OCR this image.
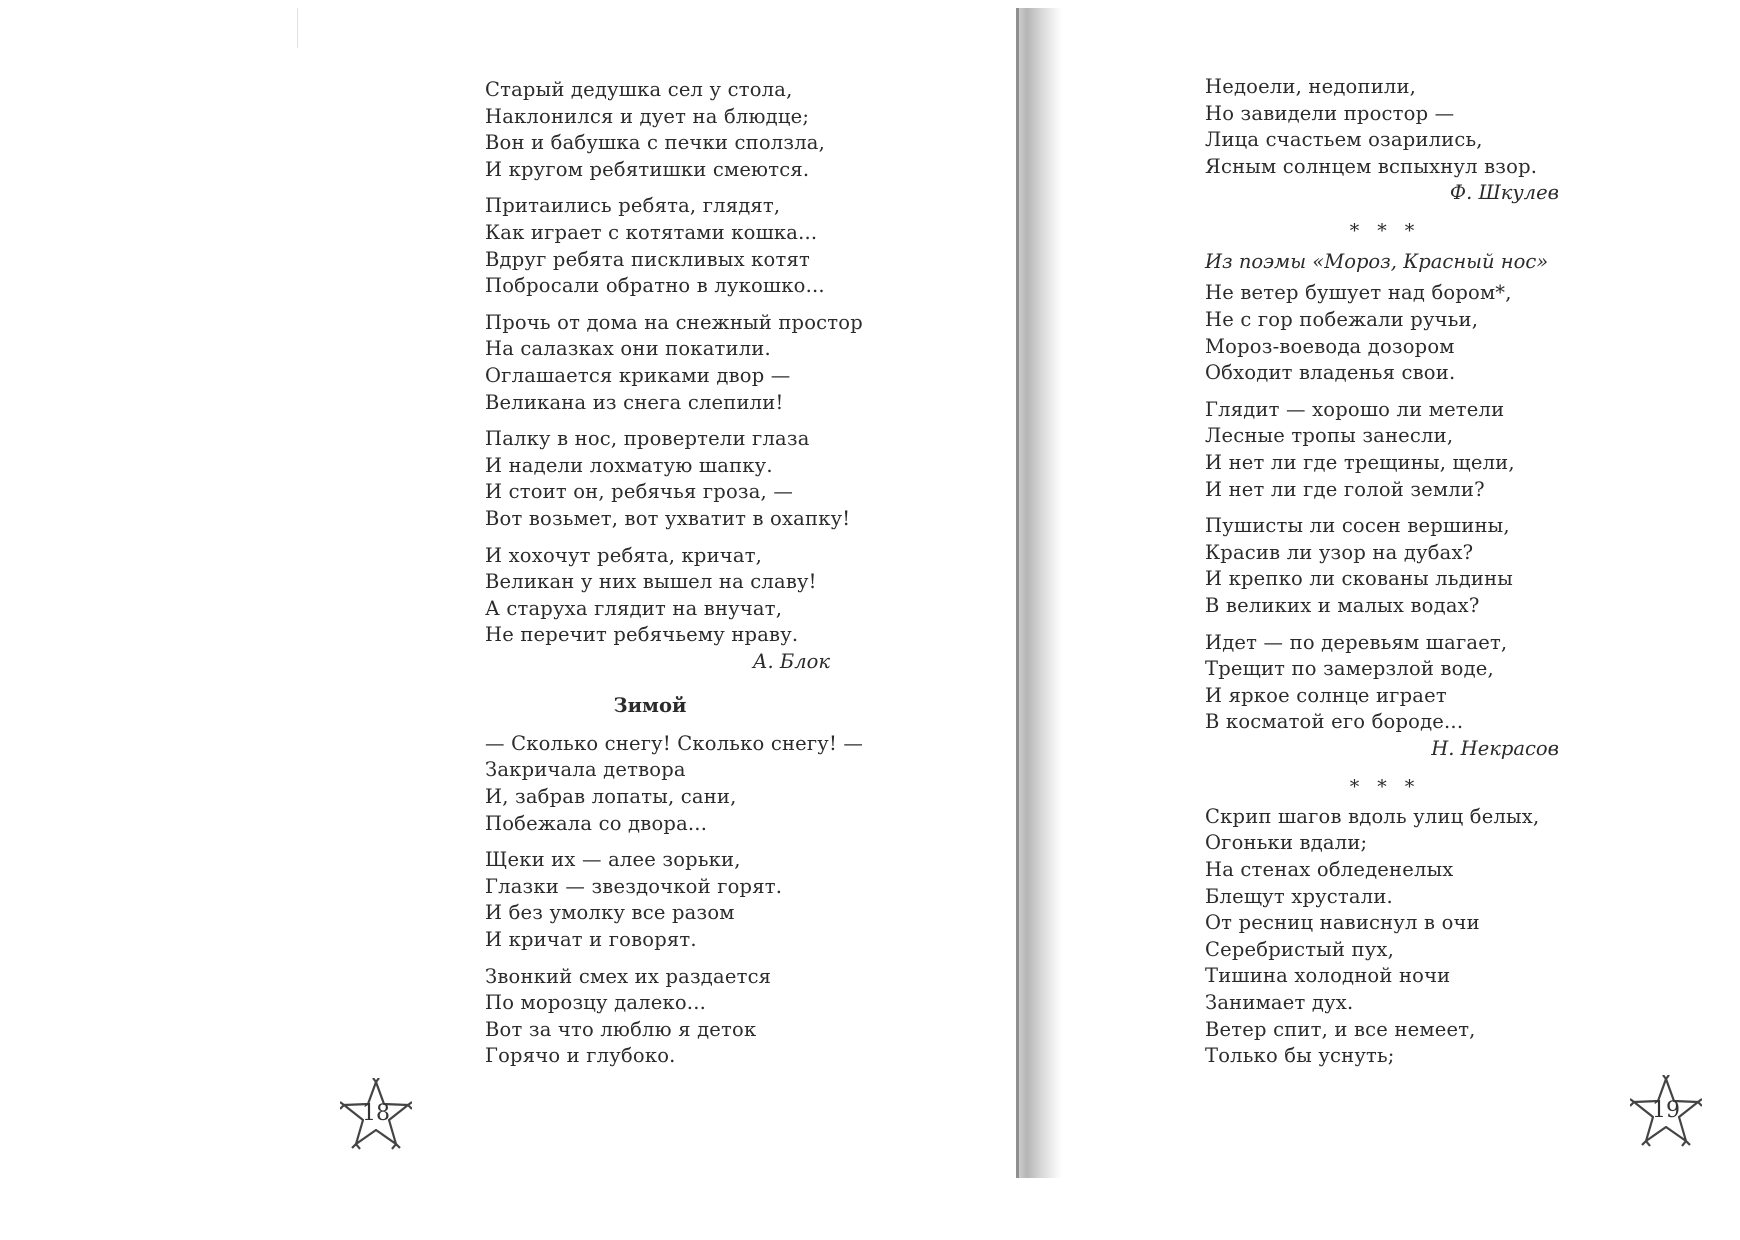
Старый дедушка сел у стола,
Наклонился и дует на блюдце;
Вон и бабушка с печки сползла,
И кругом ребятишки смеются.
Притаились ребята, глядят,
Как играет с котятами кошка...
Вдруг ребята пискливых котят
Побросали обратно в лукошко...
Прочь от дома на снежный простор
На салазках они покатили.
Оглашается криками двор —
Великана из снега слепили!
Палку в нос, провертели глаза
И надели лохматую шапку.
И стоит он, ребячья гроза, —
Вот возьмет, вот ухватит в охапку!
И хохочут ребята, кричат,
Великан у них вышел на славу!
А старуха глядит на внучат,
Не перечит ребячьему нраву.
А. Блок
Зимой
— Сколько снегу! Сколько снегу! —
Закричала детвора
И, забрав лопаты, сани,
Побежала со двора...
Щеки их — алее зорьки,
Глазки — звездочкой горят.
И без умолку все разом
И кричат и говорят.
Звонкий смех их раздается
По морозцу далеко...
Вот за что люблю я деток
Горячо и глубоко.
18
Недоели, недопили,
Но завидели простор —
Лица счастьем озарились,
Ясным солнцем вспыхнул взор.
Ф. Шкулев
* * *
Из поэмы «Мороз, Красный нос»
Не ветер бушует над бором*,
Не с гор побежали ручьи,
Мороз-воевода дозором
Обходит владенья свои.
Глядит — хорошо ли метели
Лесные тропы занесли,
И нет ли где трещины, щели,
И нет ли где голой земли?
Пушисты ли сосен вершины,
Красив ли узор на дубах?
И крепко ли скованы льдины
В великих и малых водах?
Идет — по деревьям шагает,
Трещит по замерзлой воде,
И яркое солнце играет
В косматой его бороде...
Н. Некрасов
* * *
Скрип шагов вдоль улиц белых,
Огоньки вдали;
На стенах обледенелых
Блещут хрустали.
От ресниц нависнул в очи
Серебристый пух,
Тишина холодной ночи
Занимает дух.
Ветер спит, и все немеет,
Только бы уснуть;
19
